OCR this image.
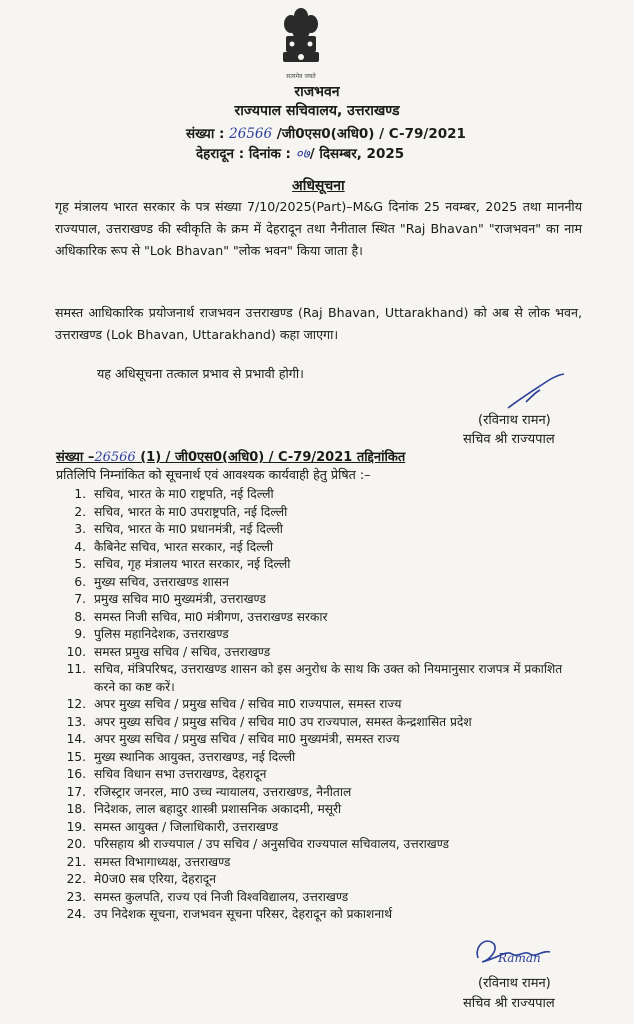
सत्यमेव जयते
राजभवन
राज्यपाल सचिवालय, उत्तराखण्ड
संख्या : 26566 /जी0एस0(अधि0) / C-79/2021
देहरादून : दिनांक : ०७/ दिसम्बर, 2025
अधिसूचना
गृह मंत्रालय भारत सरकार के पत्र संख्या 7/10/2025(Part)–M&G दिनांक 25 नवम्बर, 2025 तथा माननीय राज्यपाल, उत्तराखण्ड की स्वीकृति के क्रम में देहरादून तथा नैनीताल स्थित "Raj Bhavan" "राजभवन" का नाम अधिकारिक रूप से "Lok Bhavan" "लोक भवन" किया जाता है।
समस्त आधिकारिक प्रयोजनार्थ राजभवन उत्तराखण्ड (Raj Bhavan, Uttarakhand) को अब से लोक भवन, उत्तराखण्ड (Lok Bhavan, Uttarakhand) कहा जाएगा।
यह अधिसूचना तत्काल प्रभाव से प्रभावी होगी।
(रविनाथ रामन)
सचिव श्री राज्यपाल
संख्या –26566 (1) / जी0एस0(अधि0) / C-79/2021 तद्दिनांकित
प्रतिलिपि निम्नांकित को सूचनार्थ एवं आवश्यक कार्यवाही हेतु प्रेषित :–
1. सचिव, भारत के मा0 राष्ट्रपति, नई दिल्ली
2. सचिव, भारत के मा0 उपराष्ट्रपति, नई दिल्ली
3. सचिव, भारत के मा0 प्रधानमंत्री, नई दिल्ली
4. कैबिनेट सचिव, भारत सरकार, नई दिल्ली
5. सचिव, गृह मंत्रालय भारत सरकार, नई दिल्ली
6. मुख्य सचिव, उत्तराखण्ड शासन
7. प्रमुख सचिव मा0 मुख्यमंत्री, उत्तराखण्ड
8. समस्त निजी सचिव, मा0 मंत्रीगण, उत्तराखण्ड सरकार
9. पुलिस महानिदेशक, उत्तराखण्ड
10. समस्त प्रमुख सचिव / सचिव, उत्तराखण्ड
11. सचिव, मंत्रिपरिषद, उत्तराखण्ड शासन को इस अनुरोध के साथ कि उक्त को नियमानुसार राजपत्र में प्रकाशित करने का कष्ट करें।
12. अपर मुख्य सचिव / प्रमुख सचिव / सचिव मा0 राज्यपाल, समस्त राज्य
13. अपर मुख्य सचिव / प्रमुख सचिव / सचिव मा0 उप राज्यपाल, समस्त केन्द्रशासित प्रदेश
14. अपर मुख्य सचिव / प्रमुख सचिव / सचिव मा0 मुख्यमंत्री, समस्त राज्य
15. मुख्य स्थानिक आयुक्त, उत्तराखण्ड, नई दिल्ली
16. सचिव विधान सभा उत्तराखण्ड, देहरादून
17. रजिस्ट्रार जनरल, मा0 उच्च न्यायालय, उत्तराखण्ड, नैनीताल
18. निदेशक, लाल बहादुर शास्त्री प्रशासनिक अकादमी, मसूरी
19. समस्त आयुक्त / जिलाधिकारी, उत्तराखण्ड
20. परिसहाय श्री राज्यपाल / उप सचिव / अनुसचिव राज्यपाल सचिवालय, उत्तराखण्ड
21. समस्त विभागाध्यक्ष, उत्तराखण्ड
22. मे0ज0 सब एरिया, देहरादून
23. समस्त कुलपति, राज्य एवं निजी विश्वविद्यालय, उत्तराखण्ड
24. उप निदेशक सूचना, राजभवन सूचना परिसर, देहरादून को प्रकाशनार्थ
Raman
(रविनाथ रामन)
सचिव श्री राज्यपाल
